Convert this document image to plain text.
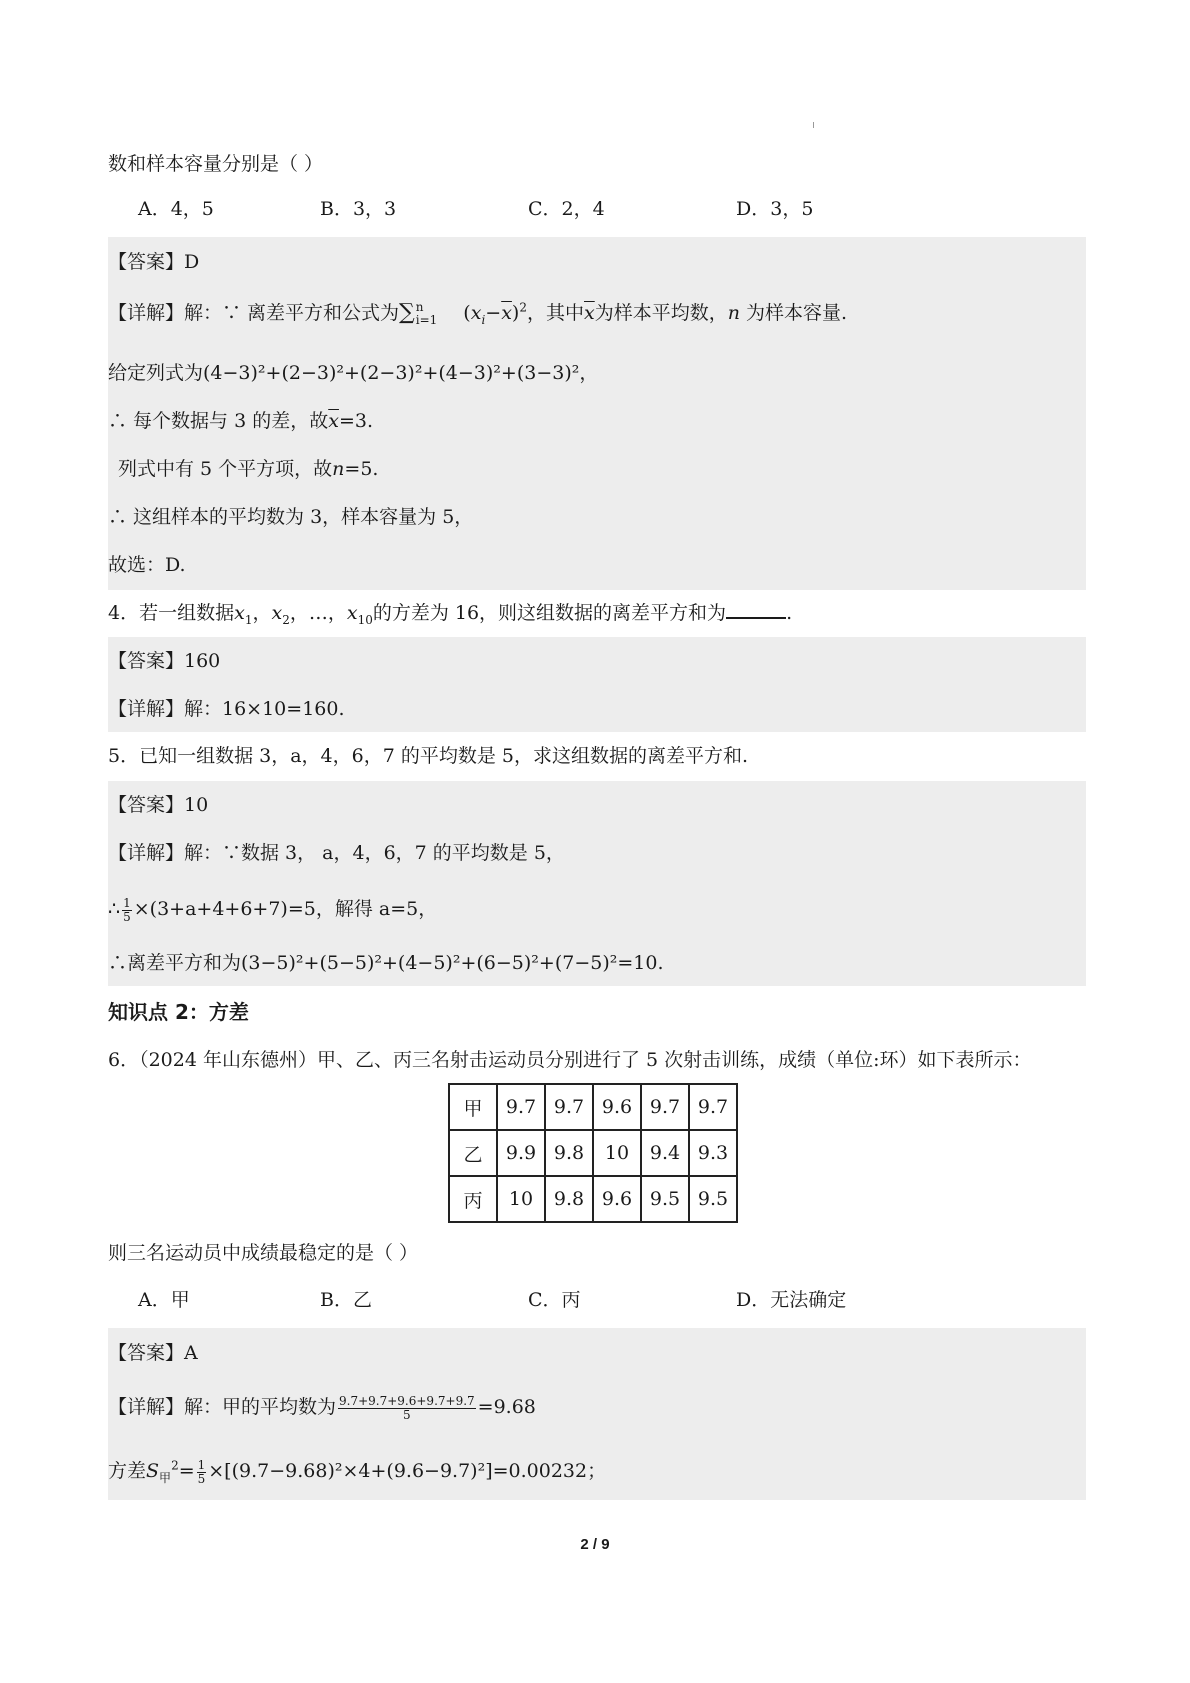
数和样本容量分别是（ ）
A．4，5	B．3，3	C．2，4	D．3，5
【答案】D
【详解】解：∵ 离差平方和公式为∑ n
i=1 $(x_i-\overline{x})^2$，其中$\overline{x}$为样本平均数，n 为样本容量.
给定列式为(4−3)²+(2−3)²+(2−3)²+(4−3)²+(3−3)²，
∴ 每个数据与 3 的差，故$\overline{x}=3$.
列式中有 5 个平方项，故n=5.
∴ 这组样本的平均数为 3，样本容量为 5，
故选：D.
4．若一组数据$x_1$，$x_2$，…，$x_{10}$的方差为 16，则这组数据的离差平方和为	.
【答案】160
【详解】解：16×10=160.
5．已知一组数据 3，a，4，6，7 的平均数是 5，求这组数据的离差平方和.
【答案】10
【详解】解：∵数据 3， a，4，6，7 的平均数是 5，
∴ $\frac{1}{5} \times(3+a+4+6+7)=5$，解得 a=5，
∴离差平方和为(3−5)²+(5−5)²+(4−5)²+(6−5)²+(7−5)²=10.
知识点 2：方差
6．（2024 年山东德州）甲、乙、丙三名射击运动员分别进行了 5 次射击训练，成绩（单位:环）如下表所示：
甲	9.7	9.7	9.6	9.7	9.7
乙	9.9	9.8	10	9.4	9.3
丙	10	9.8	9.6	9.5	9.5
则三名运动员中成绩最稳定的是（ ）
A．甲	B．乙	C．丙	D．无法确定
【答案】A
【详解】解：甲的平均数为 $\frac{9.7+9.7+9.6+9.7+9.7}{5} =9.68$
方差$S_甲^2= \frac{1}{5} \times[(9.7-9.68)^2\times 4+(9.6-9.7)^2]=0.00232$；
2 / 9
